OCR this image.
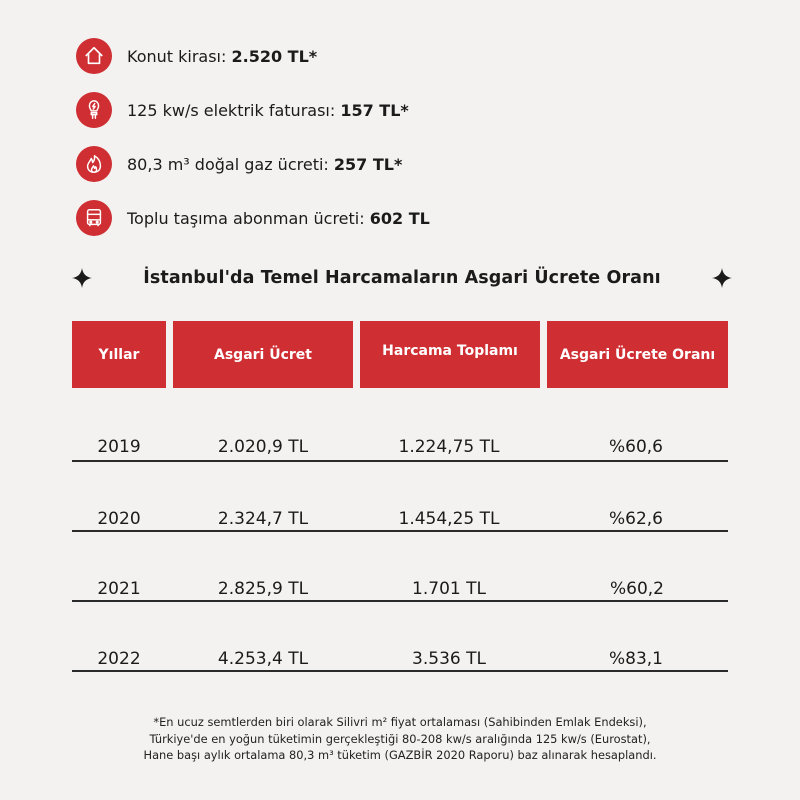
Konut kirası: 2.520 TL*
125 kw/s elektrik faturası: 157 TL*
80,3 m³ doğal gaz ücreti: 257 TL*
Toplu taşıma abonman ücreti: 602 TL
İstanbul'da Temel Harcamaların Asgari Ücrete Oranı
Yıllar	Asgari Ücret	Harcama Toplamı	Asgari Ücrete Oranı
2019	2.020,9 TL	1.224,75 TL	%60,6
2020	2.324,7 TL	1.454,25 TL	%62,6
2021	2.825,9 TL	1.701 TL	%60,2
2022	4.253,4 TL	3.536 TL	%83,1
*En ucuz semtlerden biri olarak Silivri m² fiyat ortalaması (Sahibinden Emlak Endeksi),
Türkiye'de en yoğun tüketimin gerçekleştiği 80-208 kw/s aralığında 125 kw/s (Eurostat),
Hane başı aylık ortalama 80,3 m³ tüketim (GAZBİR 2020 Raporu) baz alınarak hesaplandı.
